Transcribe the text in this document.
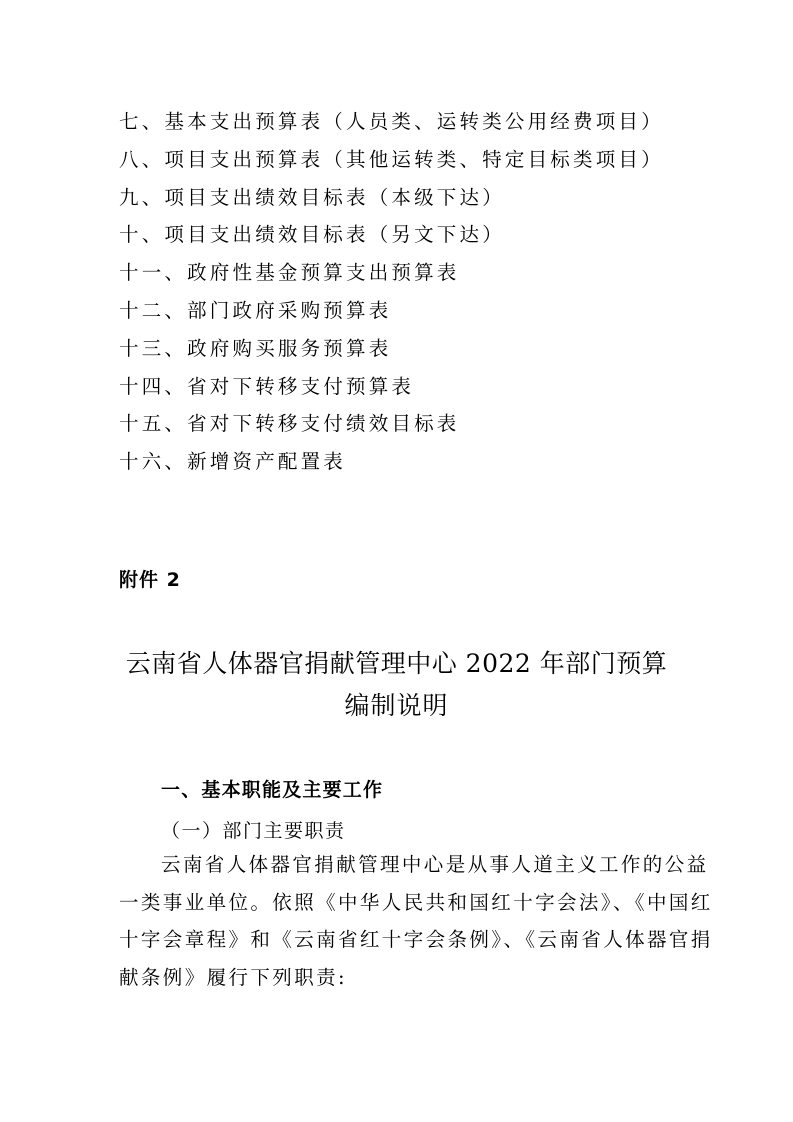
七、基本支出预算表（人员类、运转类公用经费项目）
八、项目支出预算表（其他运转类、特定目标类项目）
九、项目支出绩效目标表（本级下达）
十、项目支出绩效目标表（另文下达）
十一、政府性基金预算支出预算表
十二、部门政府采购预算表
十三、政府购买服务预算表
十四、省对下转移支付预算表
十五、省对下转移支付绩效目标表
十六、新增资产配置表
附件 2
云南省人体器官捐献管理中心 2022 年部门预算
编制说明
一、基本职能及主要工作
（一）部门主要职责

云南省人体器官捐献管理中心是从事人道主义工作的公益
一类事业单位。依照《中华人民共和国红十字会法》、《中国红
十字会章程》和《云南省红十字会条例》、《云南省人体器官捐
献条例》履行下列职责:
